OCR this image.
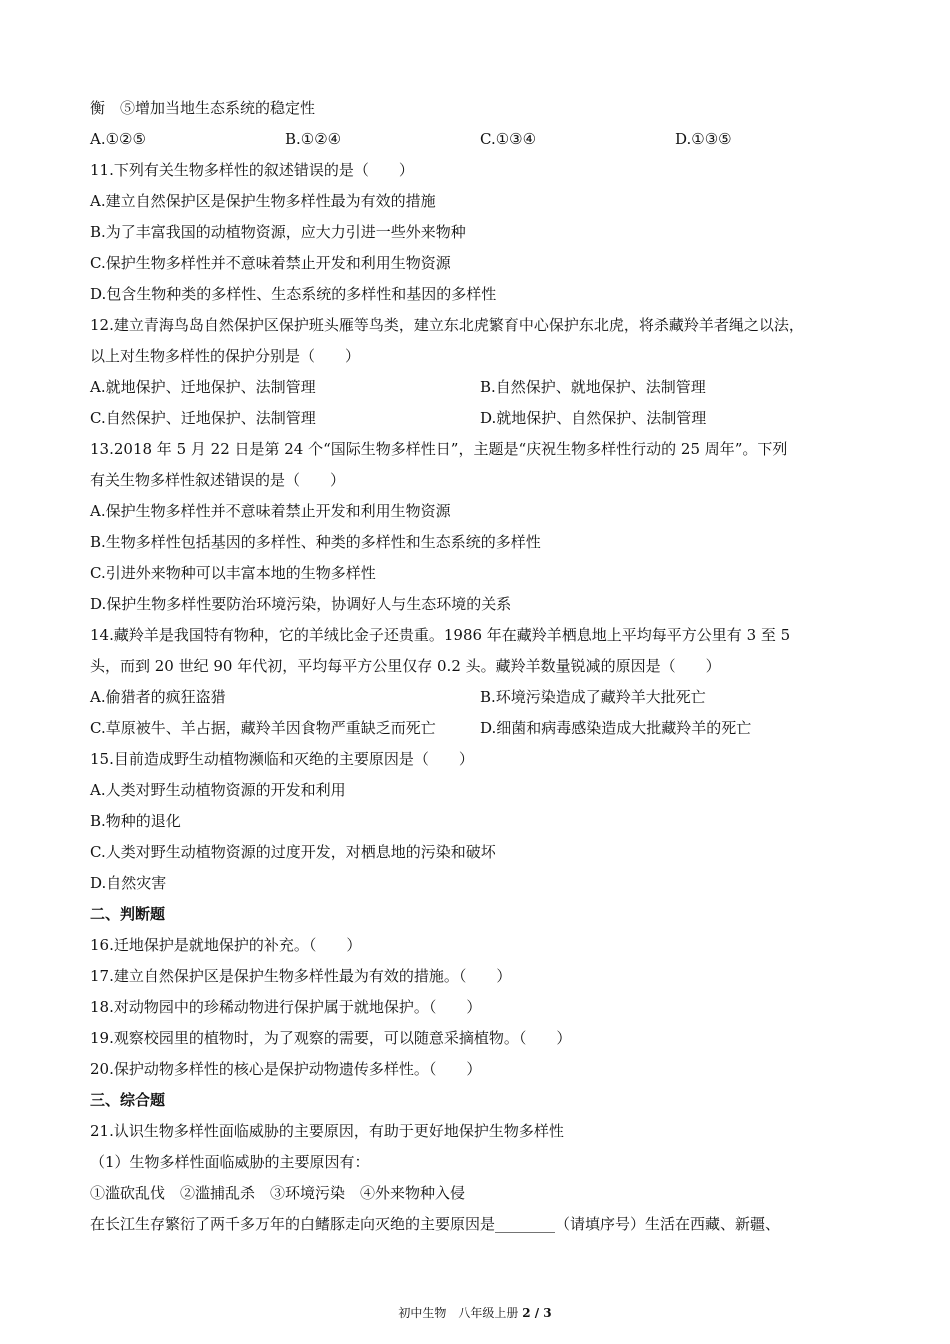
衡　⑤增加当地生态系统的稳定性
A.①②⑤	B.①②④	C.①③④	D.①③⑤
11.下列有关生物多样性的叙述错误的是（　　）
A.建立自然保护区是保护生物多样性最为有效的措施
B.为了丰富我国的动植物资源，应大力引进一些外来物种
C.保护生物多样性并不意味着禁止开发和利用生物资源
D.包含生物种类的多样性、生态系统的多样性和基因的多样性
12.建立青海鸟岛自然保护区保护班头雁等鸟类，建立东北虎繁育中心保护东北虎，将杀藏羚羊者绳之以法，
以上对生物多样性的保护分别是（　　）
A.就地保护、迁地保护、法制管理	B.自然保护、就地保护、法制管理
C.自然保护、迁地保护、法制管理	D.就地保护、自然保护、法制管理
13.2018 年 5 月 22 日是第 24 个“国际生物多样性日”，主题是“庆祝生物多样性行动的 25 周年”。下列
有关生物多样性叙述错误的是（　　）
A.保护生物多样性并不意味着禁止开发和利用生物资源
B.生物多样性包括基因的多样性、种类的多样性和生态系统的多样性
C.引进外来物种可以丰富本地的生物多样性
D.保护生物多样性要防治环境污染，协调好人与生态环境的关系
14.藏羚羊是我国特有物种，它的羊绒比金子还贵重。1986 年在藏羚羊栖息地上平均每平方公里有 3 至 5
头，而到 20 世纪 90 年代初，平均每平方公里仅存 0.2 头。藏羚羊数量锐减的原因是（　　）
A.偷猎者的疯狂盗猎	B.环境污染造成了藏羚羊大批死亡
C.草原被牛、羊占据，藏羚羊因食物严重缺乏而死亡	D.细菌和病毒感染造成大批藏羚羊的死亡
15.目前造成野生动植物濒临和灭绝的主要原因是（　　）
A.人类对野生动植物资源的开发和利用
B.物种的退化
C.人类对野生动植物资源的过度开发，对栖息地的污染和破坏
D.自然灾害
二、判断题
16.迁地保护是就地保护的补充。（　　）
17.建立自然保护区是保护生物多样性最为有效的措施。（　　）
18.对动物园中的珍稀动物进行保护属于就地保护。（　　）
19.观察校园里的植物时，为了观察的需要，可以随意采摘植物。（　　）
20.保护动物多样性的核心是保护动物遗传多样性。（　　）
三、综合题
21.认识生物多样性面临威胁的主要原因，有助于更好地保护生物多样性
（1）生物多样性面临威胁的主要原因有：
①滥砍乱伐　②滥捕乱杀　③环境污染　④外来物种入侵
在长江生存繁衍了两千多万年的白鳍豚走向灭绝的主要原因是________（请填序号）生活在西藏、新疆、
初中生物　八年级上册 2 / 3
